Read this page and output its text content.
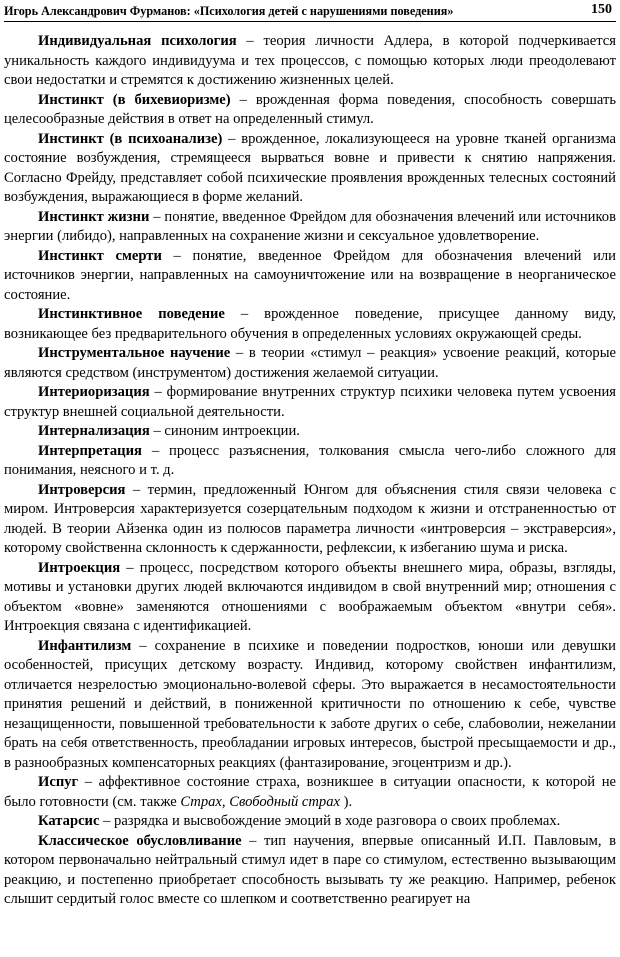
Игорь Александрович Фурманов: «Психология детей с нарушениями поведения»	150

Индивидуальная психология – теория личности Адлера, в которой подчеркивается уникальность каждого индивидуума и тех процессов, с помощью которых люди преодолевают свои недостатки и стремятся к достижению жизненных целей.

Инстинкт (в бихевиоризме) – врожденная форма поведения, способность совершать целесообразные действия в ответ на определенный стимул.

Инстинкт (в психоанализе) – врожденное, локализующееся на уровне тканей организма состояние возбуждения, стремящееся вырваться вовне и привести к снятию напряжения. Согласно Фрейду, представляет собой психические проявления врожденных телесных состояний возбуждения, выражающиеся в форме желаний.

Инстинкт жизни – понятие, введенное Фрейдом для обозначения влечений или источников энергии (либидо), направленных на сохранение жизни и сексуальное удовлетворение.

Инстинкт смерти – понятие, введенное Фрейдом для обозначения влечений или источников энергии, направленных на самоуничтожение или на возвращение в неорганическое состояние.

Инстинктивное поведение – врожденное поведение, присущее данному виду, возникающее без предварительного обучения в определенных условиях окружающей среды.

Инструментальное научение – в теории «стимул – реакция» усвоение реакций, которые являются средством (инструментом) достижения желаемой ситуации.

Интериоризация – формирование внутренних структур психики человека путем усвоения структур внешней социальной деятельности.

Интернализация – синоним интроекции.

Интерпретация – процесс разъяснения, толкования смысла чего-либо сложного для понимания, неясного и т. д.

Интроверсия – термин, предложенный Юнгом для объяснения стиля связи человека с миром. Интроверсия характеризуется созерцательным подходом к жизни и отстраненностью от людей. В теории Айзенка один из полюсов параметра личности «интроверсия – экстраверсия», которому свойственна склонность к сдержанности, рефлексии, к избеганию шума и риска.

Интроекция – процесс, посредством которого объекты внешнего мира, образы, взгляды, мотивы и установки других людей включаются индивидом в свой внутренний мир; отношения с объектом «вовне» заменяются отношениями с воображаемым объектом «внутри себя». Интроекция связана с идентификацией.

Инфантилизм – сохранение в психике и поведении подростков, юноши или девушки особенностей, присущих детскому возрасту. Индивид, которому свойствен инфантилизм, отличается незрелостью эмоционально-волевой сферы. Это выражается в несамостоятельности принятия решений и действий, в пониженной критичности по отношению к себе, чувстве незащищенности, повышенной требовательности к заботе других о себе, слабоволии, нежелании брать на себя ответственность, преобладании игровых интересов, быстрой пресыщаемости и др., в разнообразных компенсаторных реакциях (фантазирование, эгоцентризм и др.).

Испуг – аффективное состояние страха, возникшее в ситуации опасности, к которой не было готовности (см. также Страх, Свободный страх ).

Катарсис – разрядка и высвобождение эмоций в ходе разговора о своих проблемах.

Классическое обусловливание – тип научения, впервые описанный И.П. Павловым, в котором первоначально нейтральный стимул идет в паре со стимулом, естественно вызывающим реакцию, и постепенно приобретает способность вызывать ту же реакцию. Например, ребенок слышит сердитый голос вместе со шлепком и соответственно реагирует на
